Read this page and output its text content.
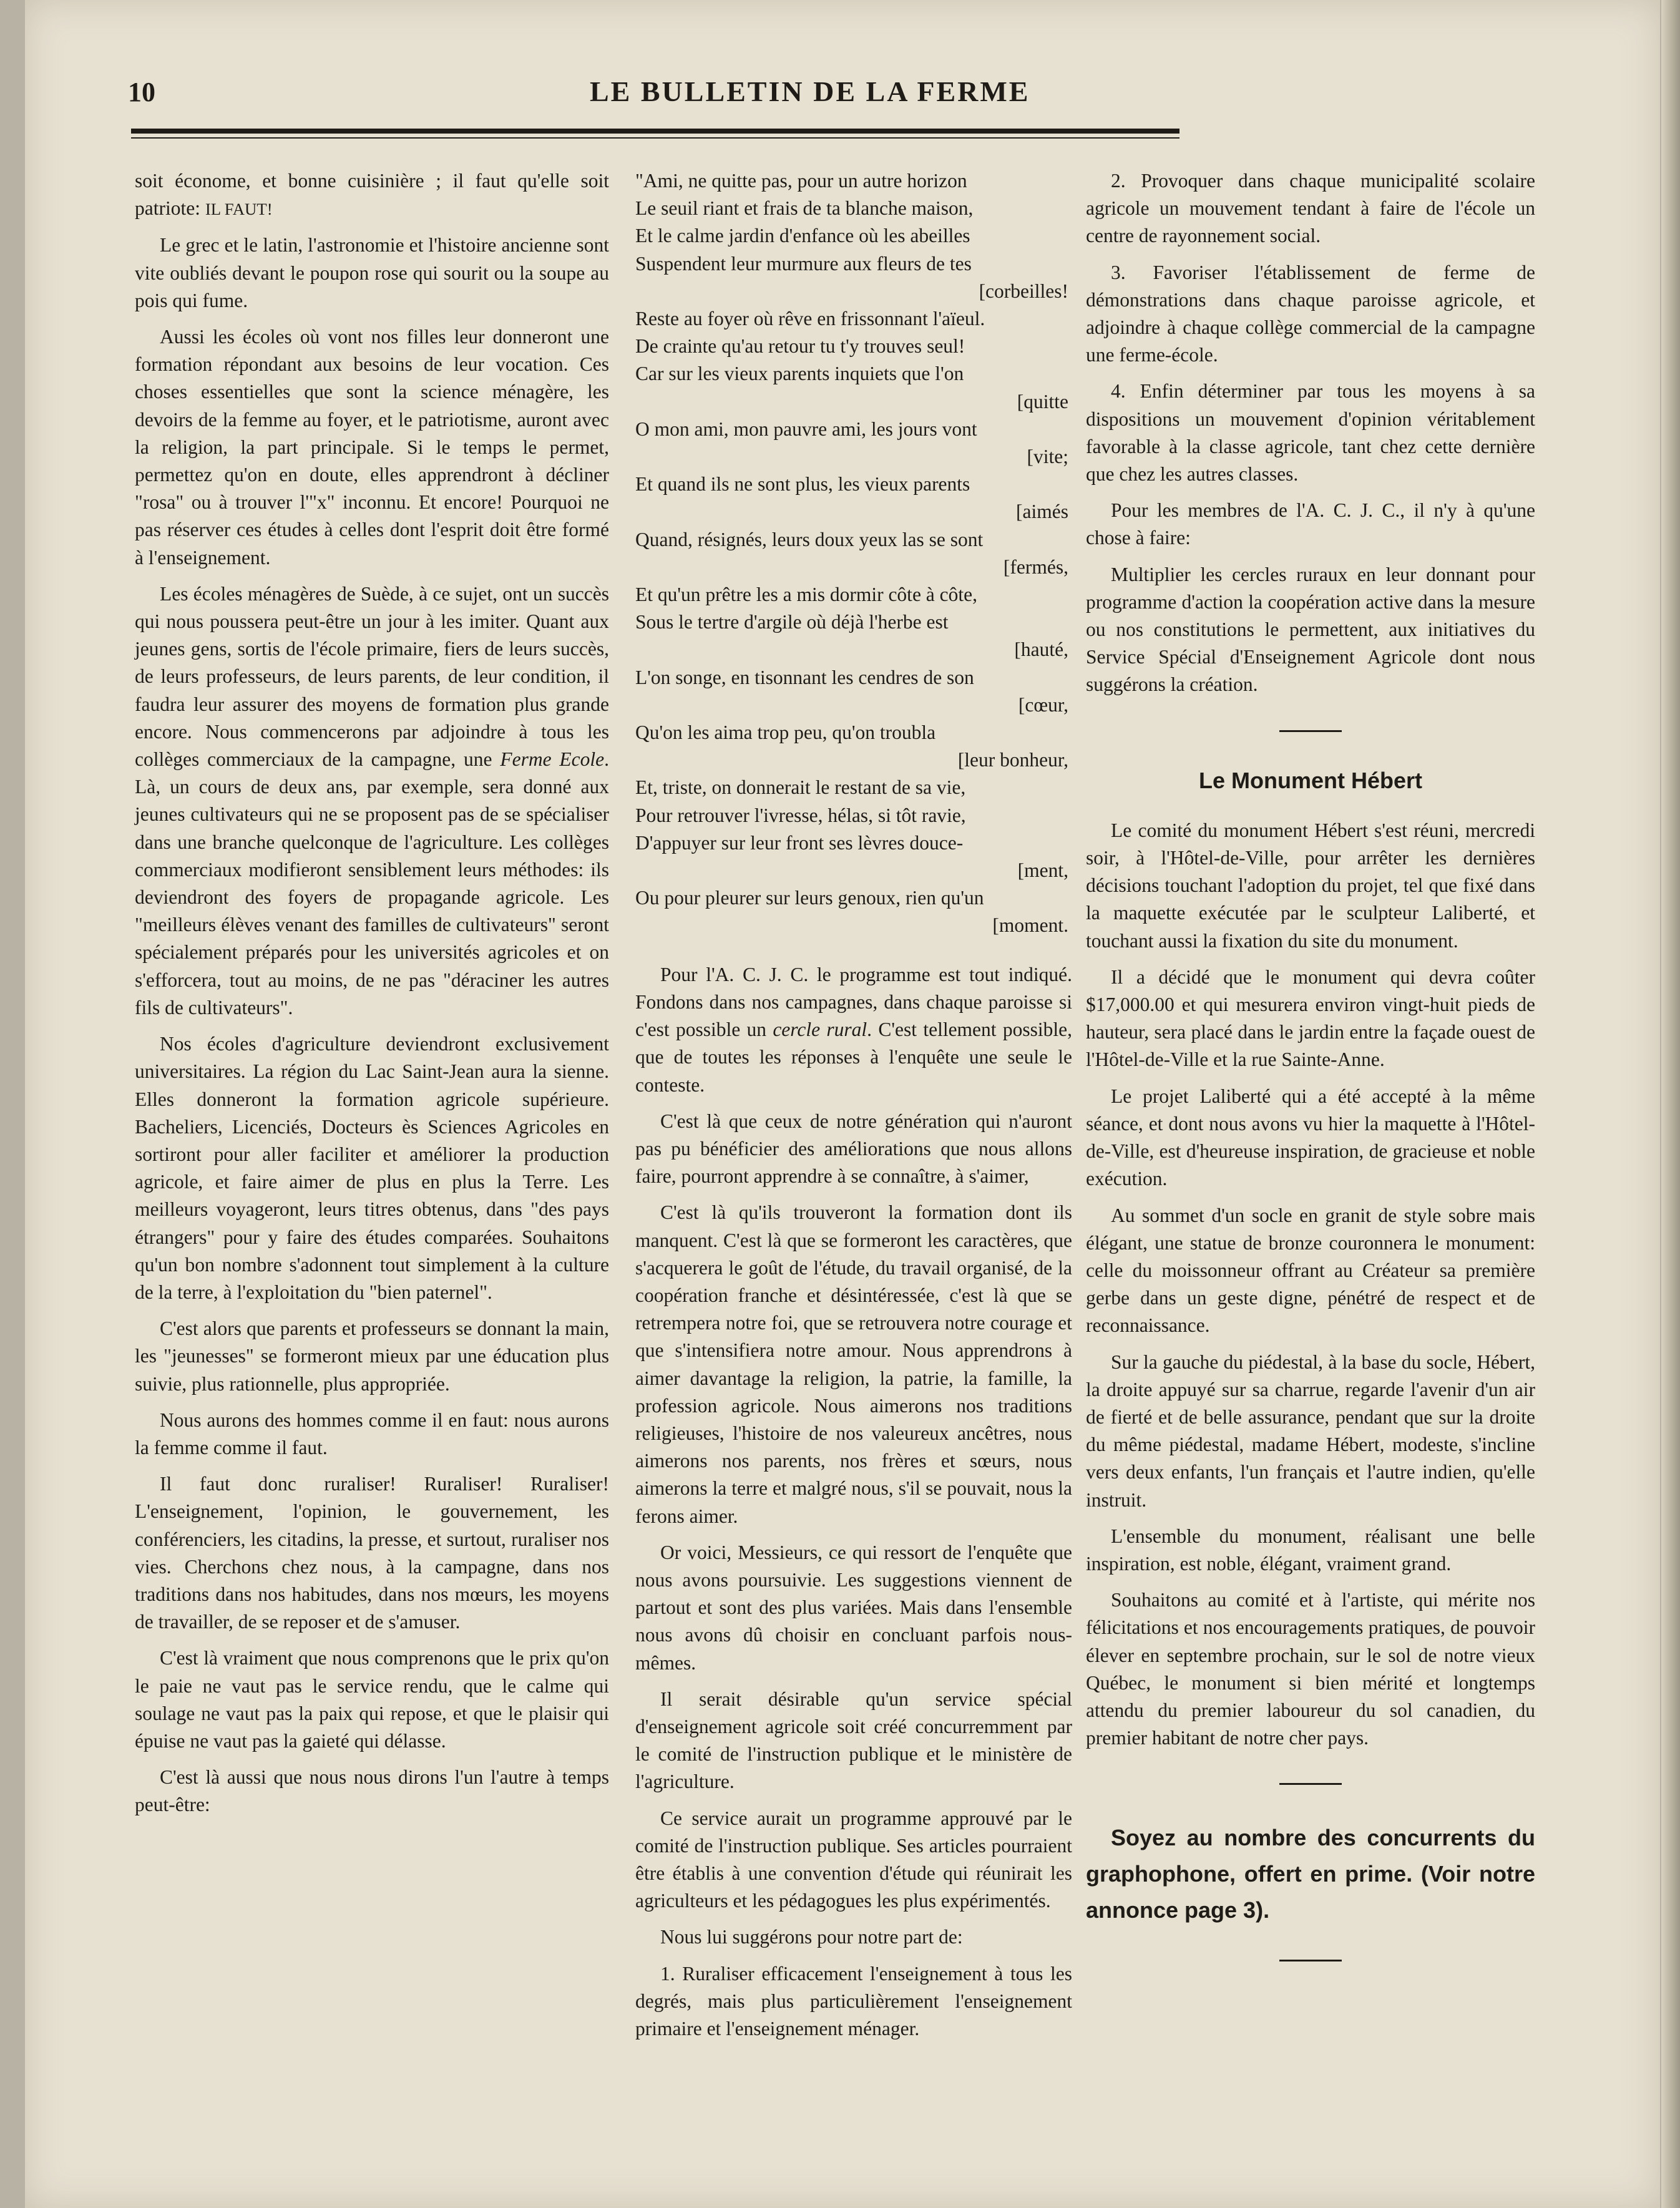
10	LE BULLETIN DE LA FERME

soit économe, et bonne cuisinière ; il faut qu'elle soit patriote: IL FAUT!

Le grec et le latin, l'astronomie et l'histoire ancienne sont vite oubliés devant le poupon rose qui sourit ou la soupe au pois qui fume.

Aussi les écoles où vont nos filles leur donneront une formation répondant aux besoins de leur vocation. Ces choses essentielles que sont la science ménagère, les devoirs de la femme au foyer, et le patriotisme, auront avec la religion, la part principale. Si le temps le permet, permettez qu'on en doute, elles apprendront à décliner "rosa" ou à trouver l'"x" inconnu. Et encore! Pourquoi ne pas réserver ces études à celles dont l'esprit doit être formé à l'enseignement.

Les écoles ménagères de Suède, à ce sujet, ont un succès qui nous poussera peut-être un jour à les imiter. Quant aux jeunes gens, sortis de l'école primaire, fiers de leurs succès, de leurs professeurs, de leurs parents, de leur condition, il faudra leur assurer des moyens de formation plus grande encore. Nous commencerons par adjoindre à tous les collèges commerciaux de la campagne, une Ferme Ecole. Là, un cours de deux ans, par exemple, sera donné aux jeunes cultivateurs qui ne se proposent pas de se spécialiser dans une branche quelconque de l'agriculture. Les collèges commerciaux modifieront sensiblement leurs méthodes: ils deviendront des foyers de propagande agricole. Les "meilleurs élèves venant des familles de cultivateurs" seront spécialement préparés pour les universités agricoles et on s'efforcera, tout au moins, de ne pas "déraciner les autres fils de cultivateurs".

Nos écoles d'agriculture deviendront exclusivement universitaires. La région du Lac Saint-Jean aura la sienne. Elles donneront la formation agricole supérieure. Bacheliers, Licenciés, Docteurs ès Sciences Agricoles en sortiront pour aller faciliter et améliorer la production agricole, et faire aimer de plus en plus la Terre. Les meilleurs voyageront, leurs titres obtenus, dans "des pays étrangers" pour y faire des études comparées. Souhaitons qu'un bon nombre s'adonnent tout simplement à la culture de la terre, à l'exploitation du "bien paternel".

C'est alors que parents et professeurs se donnant la main, les "jeunesses" se formeront mieux par une éducation plus suivie, plus rationnelle, plus appropriée.

Nous aurons des hommes comme il en faut: nous aurons la femme comme il faut.

Il faut donc ruraliser! Ruraliser! Ruraliser! L'enseignement, l'opinion, le gouvernement, les conférenciers, les citadins, la presse, et surtout, ruraliser nos vies. Cherchons chez nous, à la campagne, dans nos traditions dans nos habitudes, dans nos mœurs, les moyens de travailler, de se reposer et de s'amuser.

C'est là vraiment que nous comprenons que le prix qu'on le paie ne vaut pas le service rendu, que le calme qui soulage ne vaut pas la paix qui repose, et que le plaisir qui épuise ne vaut pas la gaieté qui délasse.

C'est là aussi que nous nous dirons l'un l'autre à temps peut-être:

"Ami, ne quitte pas, pour un autre horizon
Le seuil riant et frais de ta blanche maison,
Et le calme jardin d'enfance où les abeilles
Suspendent leur murmure aux fleurs de tes
[corbeilles!
Reste au foyer où rêve en frissonnant l'aïeul.
De crainte qu'au retour tu t'y trouves seul!
Car sur les vieux parents inquiets que l'on
[quitte
O mon ami, mon pauvre ami, les jours vont
[vite;
Et quand ils ne sont plus, les vieux parents
[aimés
Quand, résignés, leurs doux yeux las se sont
[fermés,
Et qu'un prêtre les a mis dormir côte à côte,
Sous le tertre d'argile où déjà l'herbe est
[hauté,
L'on songe, en tisonnant les cendres de son
[cœur,
Qu'on les aima trop peu, qu'on troubla
[leur bonheur,
Et, triste, on donnerait le restant de sa vie,
Pour retrouver l'ivresse, hélas, si tôt ravie,
D'appuyer sur leur front ses lèvres douce-
[ment,
Ou pour pleurer sur leurs genoux, rien qu'un
[moment.

Pour l'A. C. J. C. le programme est tout indiqué. Fondons dans nos campagnes, dans chaque paroisse si c'est possible un cercle rural. C'est tellement possible, que de toutes les réponses à l'enquête une seule le conteste.

C'est là que ceux de notre génération qui n'auront pas pu bénéficier des améliorations que nous allons faire, pourront apprendre à se connaître, à s'aimer,

C'est là qu'ils trouveront la formation dont ils manquent. C'est là que se formeront les caractères, que s'acquerera le goût de l'étude, du travail organisé, de la coopération franche et désintéressée, c'est là que se retrempera notre foi, que se retrouvera notre courage et que s'intensifiera notre amour. Nous apprendrons à aimer davantage la religion, la patrie, la famille, la profession agricole. Nous aimerons nos traditions religieuses, l'histoire de nos valeureux ancêtres, nous aimerons nos parents, nos frères et sœurs, nous aimerons la terre et malgré nous, s'il se pouvait, nous la ferons aimer.

Or voici, Messieurs, ce qui ressort de l'enquête que nous avons poursuivie. Les suggestions viennent de partout et sont des plus variées. Mais dans l'ensemble nous avons dû choisir en concluant parfois nous-mêmes.

Il serait désirable qu'un service spécial d'enseignement agricole soit créé concurremment par le comité de l'instruction publique et le ministère de l'agriculture.

Ce service aurait un programme approuvé par le comité de l'instruction publique. Ses articles pourraient être établis à une convention d'étude qui réunirait les agriculteurs et les pédagogues les plus expérimentés.

Nous lui suggérons pour notre part de:

1. Ruraliser efficacement l'enseignement à tous les degrés, mais plus particulièrement l'enseignement primaire et l'enseignement ménager.

2. Provoquer dans chaque municipalité scolaire agricole un mouvement tendant à faire de l'école un centre de rayonnement social.

3. Favoriser l'établissement de ferme de démonstrations dans chaque paroisse agricole, et adjoindre à chaque collège commercial de la campagne une ferme-école.

4. Enfin déterminer par tous les moyens à sa dispositions un mouvement d'opinion véritablement favorable à la classe agricole, tant chez cette dernière que chez les autres classes.

Pour les membres de l'A. C. J. C., il n'y à qu'une chose à faire:

Multiplier les cercles ruraux en leur donnant pour programme d'action la coopération active dans la mesure ou nos constitutions le permettent, aux initiatives du Service Spécial d'Enseignement Agricole dont nous suggérons la création.

Le Monument Hébert

Le comité du monument Hébert s'est réuni, mercredi soir, à l'Hôtel-de-Ville, pour arrêter les dernières décisions touchant l'adoption du projet, tel que fixé dans la maquette exécutée par le sculpteur Laliberté, et touchant aussi la fixation du site du monument.

Il a décidé que le monument qui devra coûter $17,000.00 et qui mesurera environ vingt-huit pieds de hauteur, sera placé dans le jardin entre la façade ouest de l'Hôtel-de-Ville et la rue Sainte-Anne.

Le projet Laliberté qui a été accepté à la même séance, et dont nous avons vu hier la maquette à l'Hôtel-de-Ville, est d'heureuse inspiration, de gracieuse et noble exécution.

Au sommet d'un socle en granit de style sobre mais élégant, une statue de bronze couronnera le monument: celle du moissonneur offrant au Créateur sa première gerbe dans un geste digne, pénétré de respect et de reconnaissance.

Sur la gauche du piédestal, à la base du socle, Hébert, la droite appuyé sur sa charrue, regarde l'avenir d'un air de fierté et de belle assurance, pendant que sur la droite du même piédestal, madame Hébert, modeste, s'incline vers deux enfants, l'un français et l'autre indien, qu'elle instruit.

L'ensemble du monument, réalisant une belle inspiration, est noble, élégant, vraiment grand.

Souhaitons au comité et à l'artiste, qui mérite nos félicitations et nos encouragements pratiques, de pouvoir élever en septembre prochain, sur le sol de notre vieux Québec, le monument si bien mérité et longtemps attendu du premier laboureur du sol canadien, du premier habitant de notre cher pays.

Soyez au nombre des concurrents du graphophone, offert en prime. (Voir notre annonce page 3).
